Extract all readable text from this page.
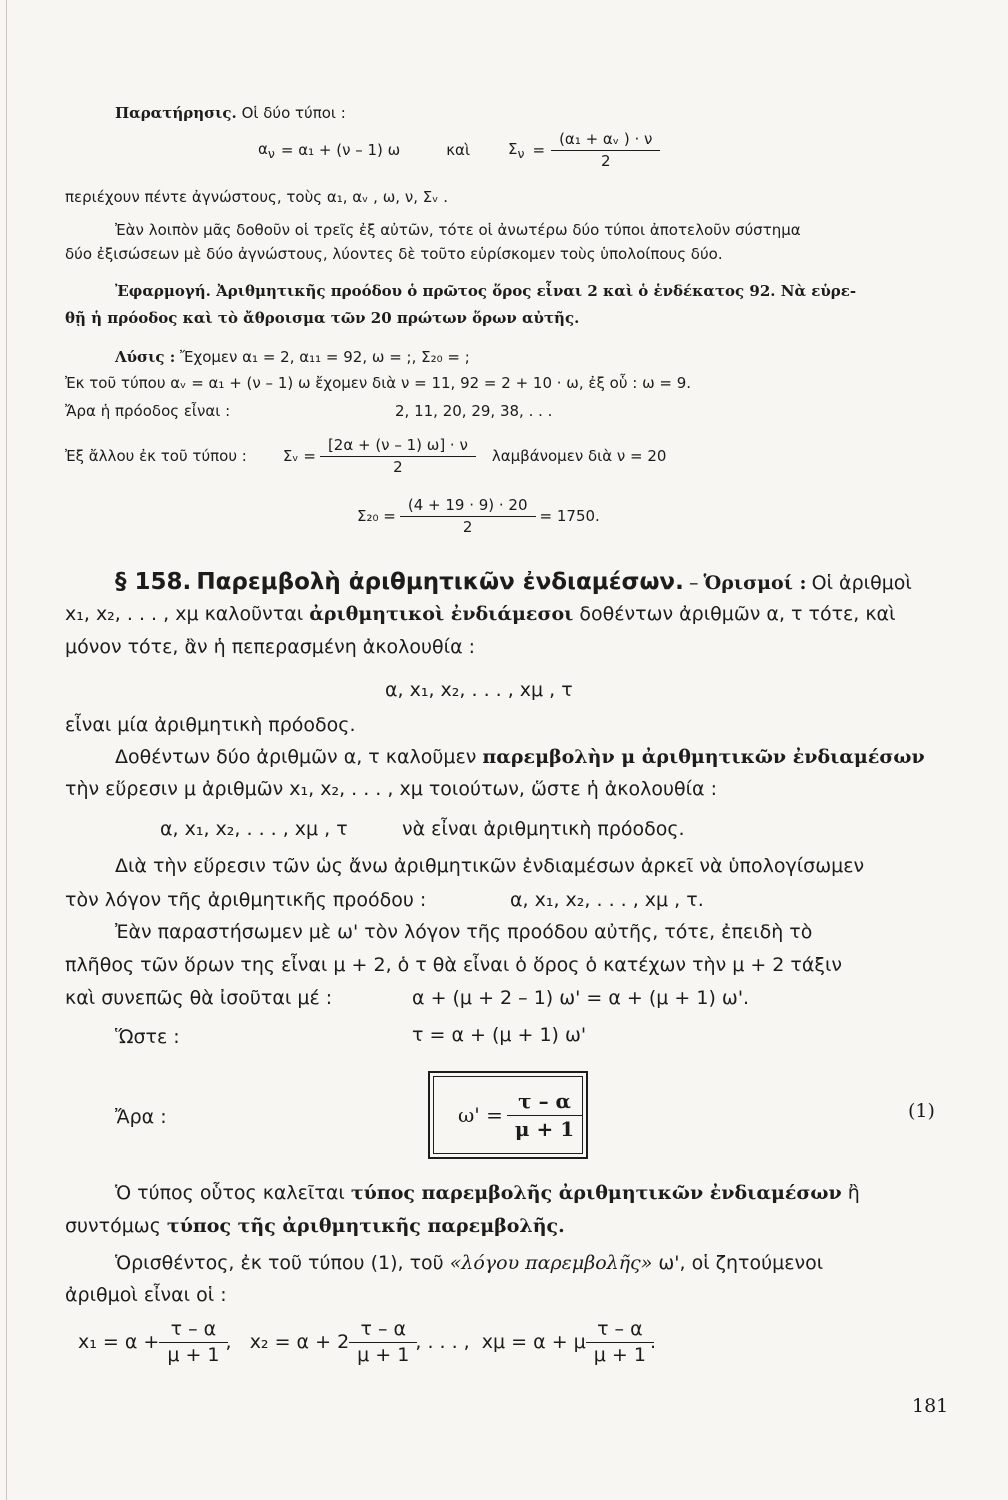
Παρατήρησις. Οἱ δύο τύποι :
$\alpha_\nu = \alpha_1 + (\nu - 1)$ ω	καὶ	$\Sigma_\nu = \frac{\text{(α₁ + αᵥ ) · ν}}{2}$
περιέχουν πέντε ἀγνώστους, τοὺς α₁, αᵥ , ω, ν, Σᵥ .
Ἐὰν λοιπὸν μᾶς δοθοῦν οἱ τρεῖς ἐξ αὐτῶν, τότε οἱ ἀνωτέρω δύο τύποι ἀποτελοῦν σύστημα
δύο ἐξισώσεων μὲ δύο ἀγνώστους, λύοντες δὲ τοῦτο εὑρίσκομεν τοὺς ὑπολοίπους δύο.
Ἐφαρμογή. Ἀριθμητικῆς προόδου ὁ πρῶτος ὅρος εἶναι 2 καὶ ὁ ἑνδέκατος 92. Νὰ εὑρε-
θῇ ἡ πρόοδος καὶ τὸ ἄθροισμα τῶν 20 πρώτων ὅρων αὐτῆς.
Λύσις : Ἔχομεν α₁ = 2, α₁₁ = 92, ω = ;, Σ₂₀ = ;
Ἐκ τοῦ τύπου αᵥ = α₁ + (ν – 1) ω ἔχομεν διὰ ν = 11, 92 = 2 + 10 · ω, ἐξ οὗ : ω = 9.
Ἄρα ἡ πρόοδος εἶναι :	2, 11, 20, 29, 38, . . .
Ἐξ ἄλλου ἐκ τοῦ τύπου : Σᵥ = $\frac{[2\alpha + (\nu - 1) \omega] \cdot \nu}{2}$ λαμβάνομεν διὰ ν = 20
$\Sigma_{20} = \frac{(4 + 19 \cdot 9) \cdot 20}{2} = 1750$.
§ 158. Παρεμβολὴ ἀριθμητικῶν ἐνδιαμέσων. – Ὁρισμοί : Οἱ ἀριθμοὶ
x₁, x₂, . . . , xμ καλοῦνται ἀριθμητικοὶ ἐνδιάμεσοι δοθέντων ἀριθμῶν α, τ τότε, καὶ
μόνον τότε, ἂν ἡ πεπερασμένη ἀκολουθία :
α, x₁, x₂, . . . , xμ , τ
εἶναι μία ἀριθμητικὴ πρόοδος.
Δοθέντων δύο ἀριθμῶν α, τ καλοῦμεν παρεμβολὴν μ ἀριθμητικῶν ἐνδιαμέσων
τὴν εὕρεσιν μ ἀριθμῶν x₁, x₂, . . . , xμ τοιούτων, ὥστε ἡ ἀκολουθία :
α, x₁, x₂, . . . , xμ , τ	νὰ εἶναι ἀριθμητικὴ πρόοδος.
Διὰ τὴν εὕρεσιν τῶν ὡς ἄνω ἀριθμητικῶν ἐνδιαμέσων ἀρκεῖ νὰ ὑπολογίσωμεν
τὸν λόγον τῆς ἀριθμητικῆς προόδου :	α, x₁, x₂, . . . , xμ , τ.
Ἐὰν παραστήσωμεν μὲ ω' τὸν λόγον τῆς προόδου αὐτῆς, τότε, ἐπειδὴ τὸ
πλῆθος τῶν ὅρων της εἶναι μ + 2, ὁ τ θὰ εἶναι ὁ ὅρος ὁ κατέχων τὴν μ + 2 τάξιν
καὶ συνεπῶς θὰ ἰσοῦται μέ :	α + (μ + 2 – 1) ω' = α + (μ + 1) ω'.
Ὥστε :	τ = α + (μ + 1) ω'
Ἄρα :	$\omega' = \frac{\tau - \alpha}{\mu + 1}$	(1)
Ὁ τύπος οὗτος καλεῖται τύπος παρεμβολῆς ἀριθμητικῶν ἐνδιαμέσων ἢ
συντόμως τύπος τῆς ἀριθμητικῆς παρεμβολῆς.
Ὁρισθέντος, ἐκ τοῦ τύπου (1), τοῦ «λόγου παρεμβολῆς» ω', οἱ ζητούμενοι
ἀριθμοὶ εἶναι οἱ :
$x_1 = \alpha + \frac{\tau - \alpha}{\mu + 1}$ ,   $x_2 = \alpha + 2 \frac{\tau - \alpha}{\mu + 1}$ , . . . ,  xμ = α + μ $\frac{\tau - \alpha}{\mu + 1}$ .
181
